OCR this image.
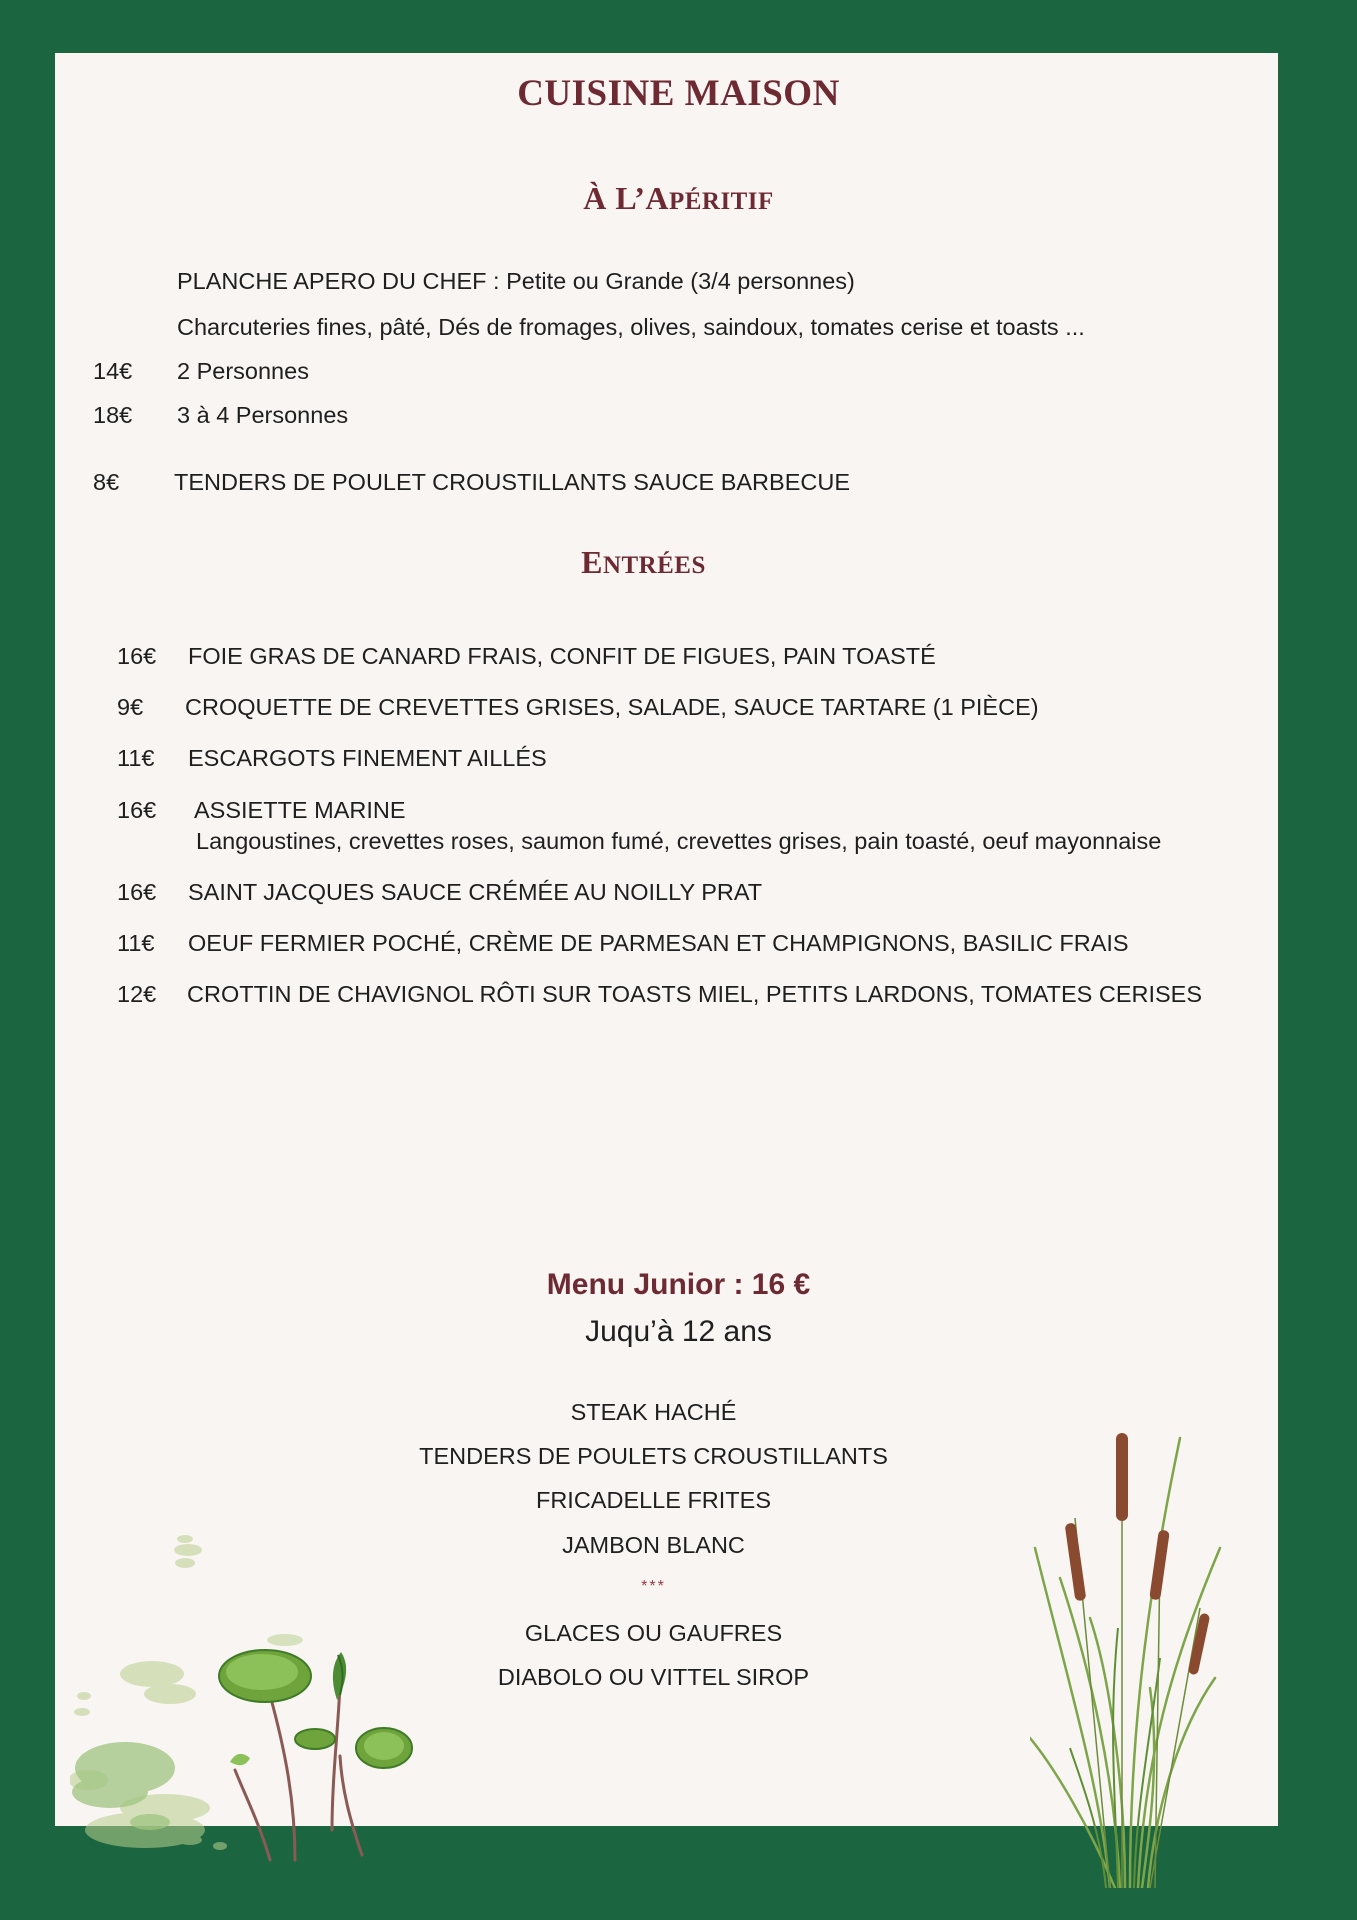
CUISINE MAISON
À L’APÉRITIF
PLANCHE APERO DU CHEF : Petite ou Grande (3/4 personnes)
Charcuteries fines, pâté, Dés de fromages, olives, saindoux, tomates cerise et toasts ...
14€ 2 Personnes
18€ 3 à 4 Personnes
8€ TENDERS DE POULET CROUSTILLANTS SAUCE BARBECUE
ENTRÉES
16€ FOIE GRAS DE CANARD FRAIS, CONFIT DE FIGUES, PAIN TOASTÉ
9€ CROQUETTE DE CREVETTES GRISES, SALADE, SAUCE TARTARE (1 PIÈCE)
11€ ESCARGOTS FINEMENT AILLÉS
16€ ASSIETTE MARINE
Langoustines, crevettes roses, saumon fumé, crevettes grises, pain toasté, oeuf mayonnaise
16€ SAINT JACQUES SAUCE CRÉMÉE AU NOILLY PRAT
11€ OEUF FERMIER POCHÉ, CRÈME DE PARMESAN ET CHAMPIGNONS, BASILIC FRAIS
12€ CROTTIN DE CHAVIGNOL RÔTI SUR TOASTS MIEL, PETITS LARDONS, TOMATES CERISES
Menu Junior : 16 €
Juqu’à 12 ans
STEAK HACHÉ
TENDERS DE POULETS CROUSTILLANTS
FRICADELLE FRITES
JAMBON BLANC
***
GLACES OU GAUFRES
DIABOLO OU VITTEL SIROP
